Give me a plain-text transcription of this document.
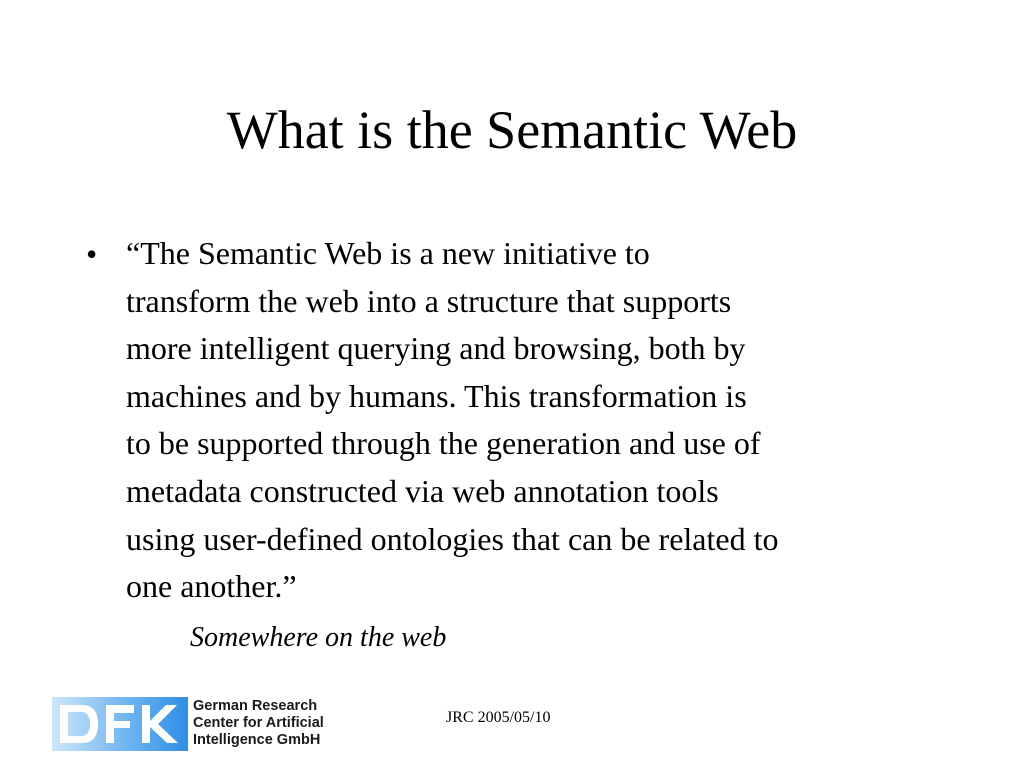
What is the Semantic Web
• “The Semantic Web is a new initiative to
transform the web into a structure that supports
more intelligent querying and browsing, both by
machines and by humans. This transformation is
to be supported through the generation and use of
metadata constructed via web annotation tools
using user-defined ontologies that can be related to
one another.”
Somewhere on the web
German Research
Center for Artificial
Intelligence GmbH
JRC 2005/05/10
